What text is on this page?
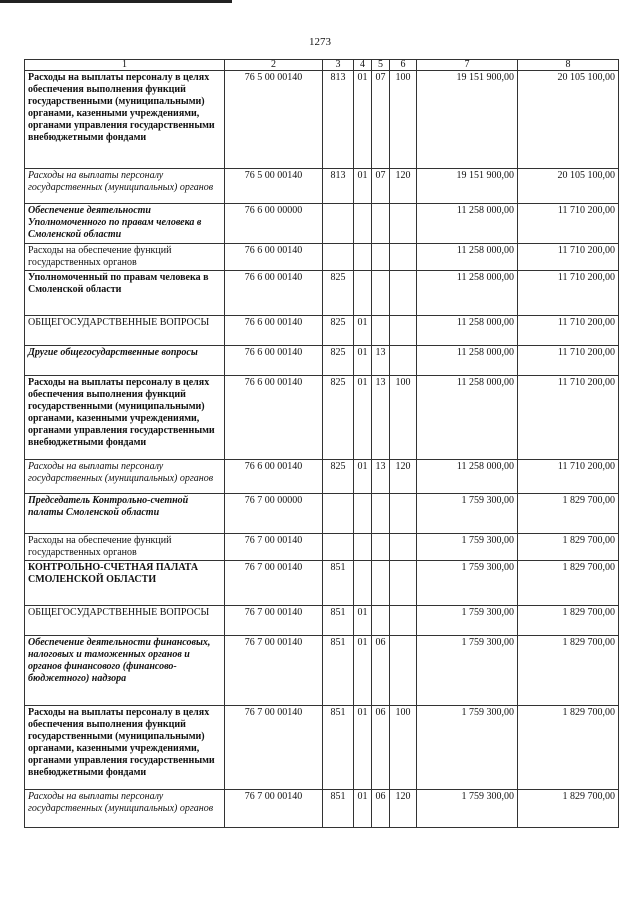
1273
1	2	3	4	5	6	7	8
Расходы на выплаты персоналу в целях обеспечения выполнения функций государственными (муниципальными) органами, казенными учреждениями, органами управления государственными внебюджетными фондами	76 5 00 00140	813	01	07	100	19 151 900,00	20 105 100,00
Расходы на выплаты персоналу государственных (муниципальных) органов	76 5 00 00140	813	01	07	120	19 151 900,00	20 105 100,00
Обеспечение деятельности Уполномоченного по правам человека в Смоленской области	76 6 00 00000					11 258 000,00	11 710 200,00
Расходы на обеспечение функций государственных органов	76 6 00 00140					11 258 000,00	11 710 200,00
Уполномоченный по правам человека в Смоленской области	76 6 00 00140	825				11 258 000,00	11 710 200,00
ОБЩЕГОСУДАРСТВЕННЫЕ ВОПРОСЫ	76 6 00 00140	825	01			11 258 000,00	11 710 200,00
Другие общегосударственные вопросы	76 6 00 00140	825	01	13		11 258 000,00	11 710 200,00
Расходы на выплаты персоналу в целях обеспечения выполнения функций государственными (муниципальными) органами, казенными учреждениями, органами управления государственными внебюджетными фондами	76 6 00 00140	825	01	13	100	11 258 000,00	11 710 200,00
Расходы на выплаты персоналу государственных (муниципальных) органов	76 6 00 00140	825	01	13	120	11 258 000,00	11 710 200,00
Председатель Контрольно-счетной палаты Смоленской области	76 7 00 00000					1 759 300,00	1 829 700,00
Расходы на обеспечение функций государственных органов	76 7 00 00140					1 759 300,00	1 829 700,00
КОНТРОЛЬНО-СЧЕТНАЯ ПАЛАТА СМОЛЕНСКОЙ ОБЛАСТИ	76 7 00 00140	851				1 759 300,00	1 829 700,00
ОБЩЕГОСУДАРСТВЕННЫЕ ВОПРОСЫ	76 7 00 00140	851	01			1 759 300,00	1 829 700,00
Обеспечение деятельности финансовых, налоговых и таможенных органов и органов финансового (финансово-бюджетного) надзора	76 7 00 00140	851	01	06		1 759 300,00	1 829 700,00
Расходы на выплаты персоналу в целях обеспечения выполнения функций государственными (муниципальными) органами, казенными учреждениями, органами управления государственными внебюджетными фондами	76 7 00 00140	851	01	06	100	1 759 300,00	1 829 700,00
Расходы на выплаты персоналу государственных (муниципальных) органов	76 7 00 00140	851	01	06	120	1 759 300,00	1 829 700,00
